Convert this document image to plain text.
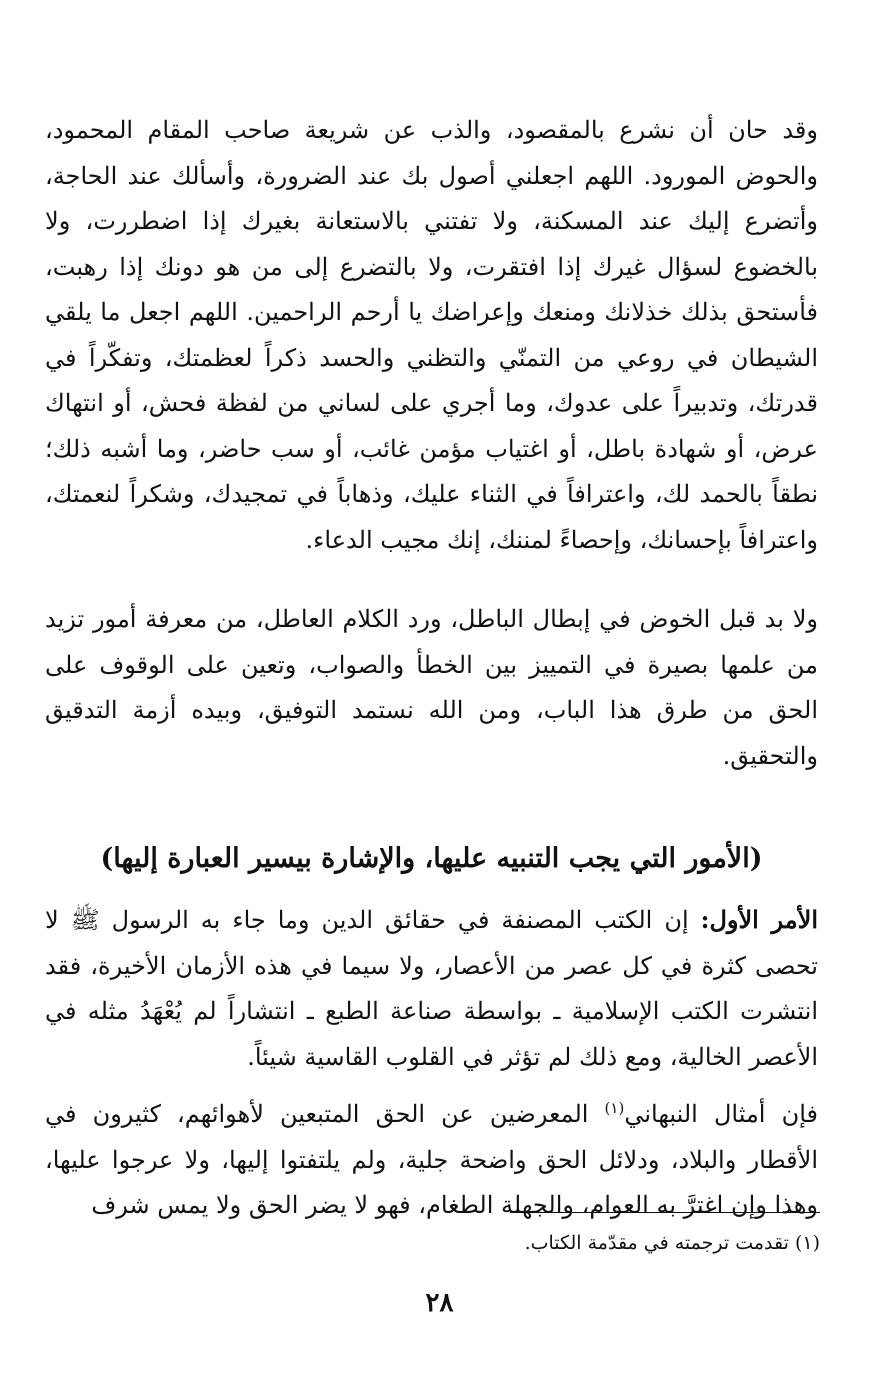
وقد حان أن نشرع بالمقصود، والذب عن شريعة صاحب المقام المحمود، والحوض المورود. اللهم اجعلني أصول بك عند الضرورة، وأسألك عند الحاجة، وأتضرع إليك عند المسكنة، ولا تفتني بالاستعانة بغيرك إذا اضطررت، ولا بالخضوع لسؤال غيرك إذا افتقرت، ولا بالتضرع إلى من هو دونك إذا رهبت، فأستحق بذلك خذلانك ومنعك وإعراضك يا أرحم الراحمين. اللهم اجعل ما يلقي الشيطان في روعي من التمنّي والتظني والحسد ذكراً لعظمتك، وتفكّراً في قدرتك، وتدبيراً على عدوك، وما أجري على لساني من لفظة فحش، أو انتهاك عرض، أو شهادة باطل، أو اغتياب مؤمن غائب، أو سب حاضر، وما أشبه ذلك؛ نطقاً بالحمد لك، واعترافاً في الثناء عليك، وذهاباً في تمجيدك، وشكراً لنعمتك، واعترافاً بإحسانك، وإحصاءً لمننك، إنك مجيب الدعاء.

ولا بد قبل الخوض في إبطال الباطل، ورد الكلام العاطل، من معرفة أمور تزيد من علمها بصيرة في التمييز بين الخطأ والصواب، وتعين على الوقوف على الحق من طرق هذا الباب، ومن الله نستمد التوفيق، وبيده أزمة التدقيق والتحقيق.

(الأمور التي يجب التنبيه عليها، والإشارة بيسير العبارة إليها)

الأمر الأول: إن الكتب المصنفة في حقائق الدين وما جاء به الرسول ﷺ لا تحصى كثرة في كل عصر من الأعصار، ولا سيما في هذه الأزمان الأخيرة، فقد انتشرت الكتب الإسلامية ـ بواسطة صناعة الطبع ـ انتشاراً لم يُعْهَدُ مثله في الأعصر الخالية، ومع ذلك لم تؤثر في القلوب القاسية شيئاً.

فإن أمثال النبهاني$^{(١)}$ المعرضين عن الحق المتبعين لأهوائهم، كثيرون في الأقطار والبلاد، ودلائل الحق واضحة جلية، ولم يلتفتوا إليها، ولا عرجوا عليها، وهذا وإن اغترَّ به العوام، والجهلة الطغام، فهو لا يضر الحق ولا يمس شرف

(١) تقدمت ترجمته في مقدّمة الكتاب.

٢٨
